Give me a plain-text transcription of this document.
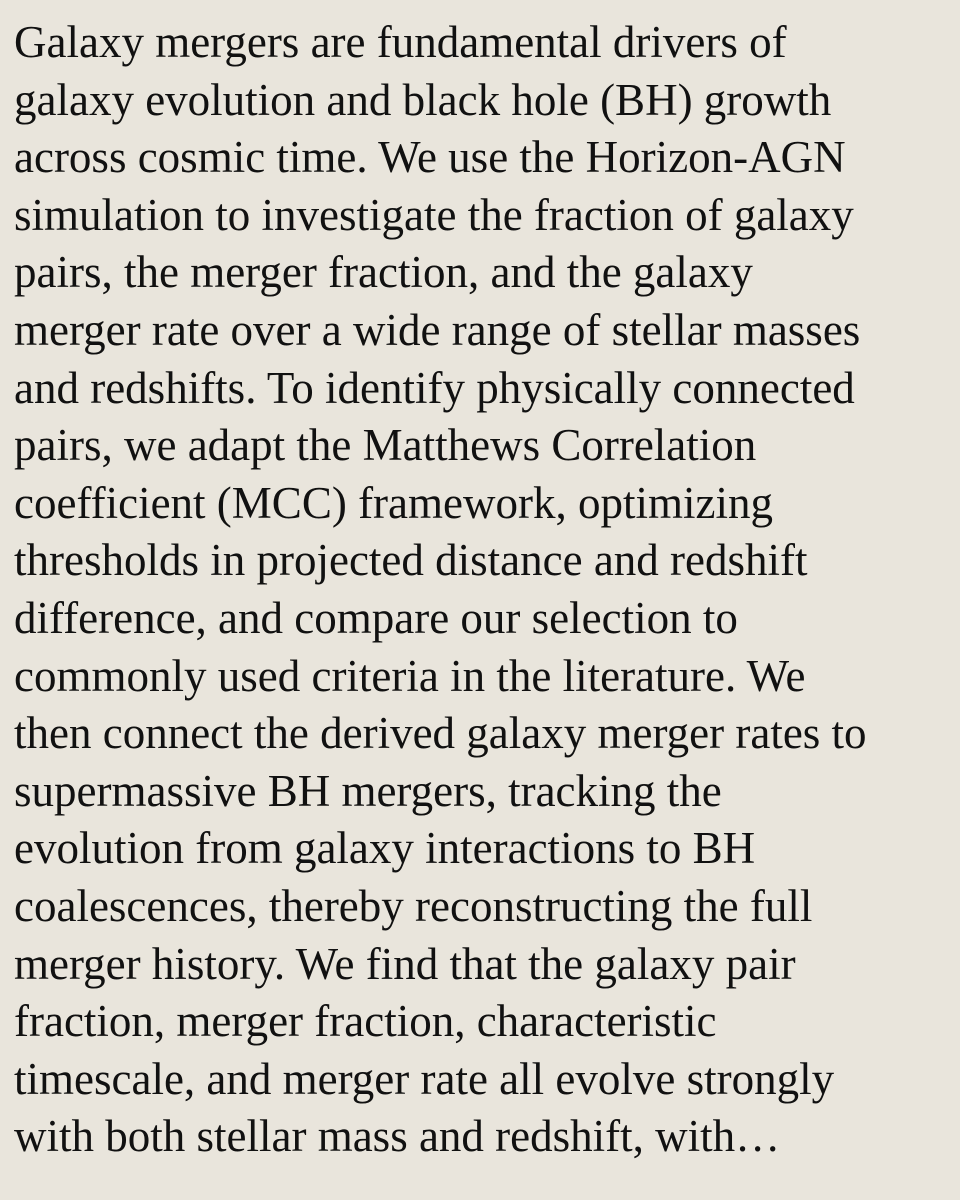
Galaxy mergers are fundamental drivers of
galaxy evolution and black hole (BH) growth
across cosmic time. We use the Horizon-AGN
simulation to investigate the fraction of galaxy
pairs, the merger fraction, and the galaxy
merger rate over a wide range of stellar masses
and redshifts. To identify physically connected
pairs, we adapt the Matthews Correlation
coefficient (MCC) framework, optimizing
thresholds in projected distance and redshift
difference, and compare our selection to
commonly used criteria in the literature. We
then connect the derived galaxy merger rates to
supermassive BH mergers, tracking the
evolution from galaxy interactions to BH
coalescences, thereby reconstructing the full
merger history. We find that the galaxy pair
fraction, merger fraction, characteristic
timescale, and merger rate all evolve strongly
with both stellar mass and redshift, with…
